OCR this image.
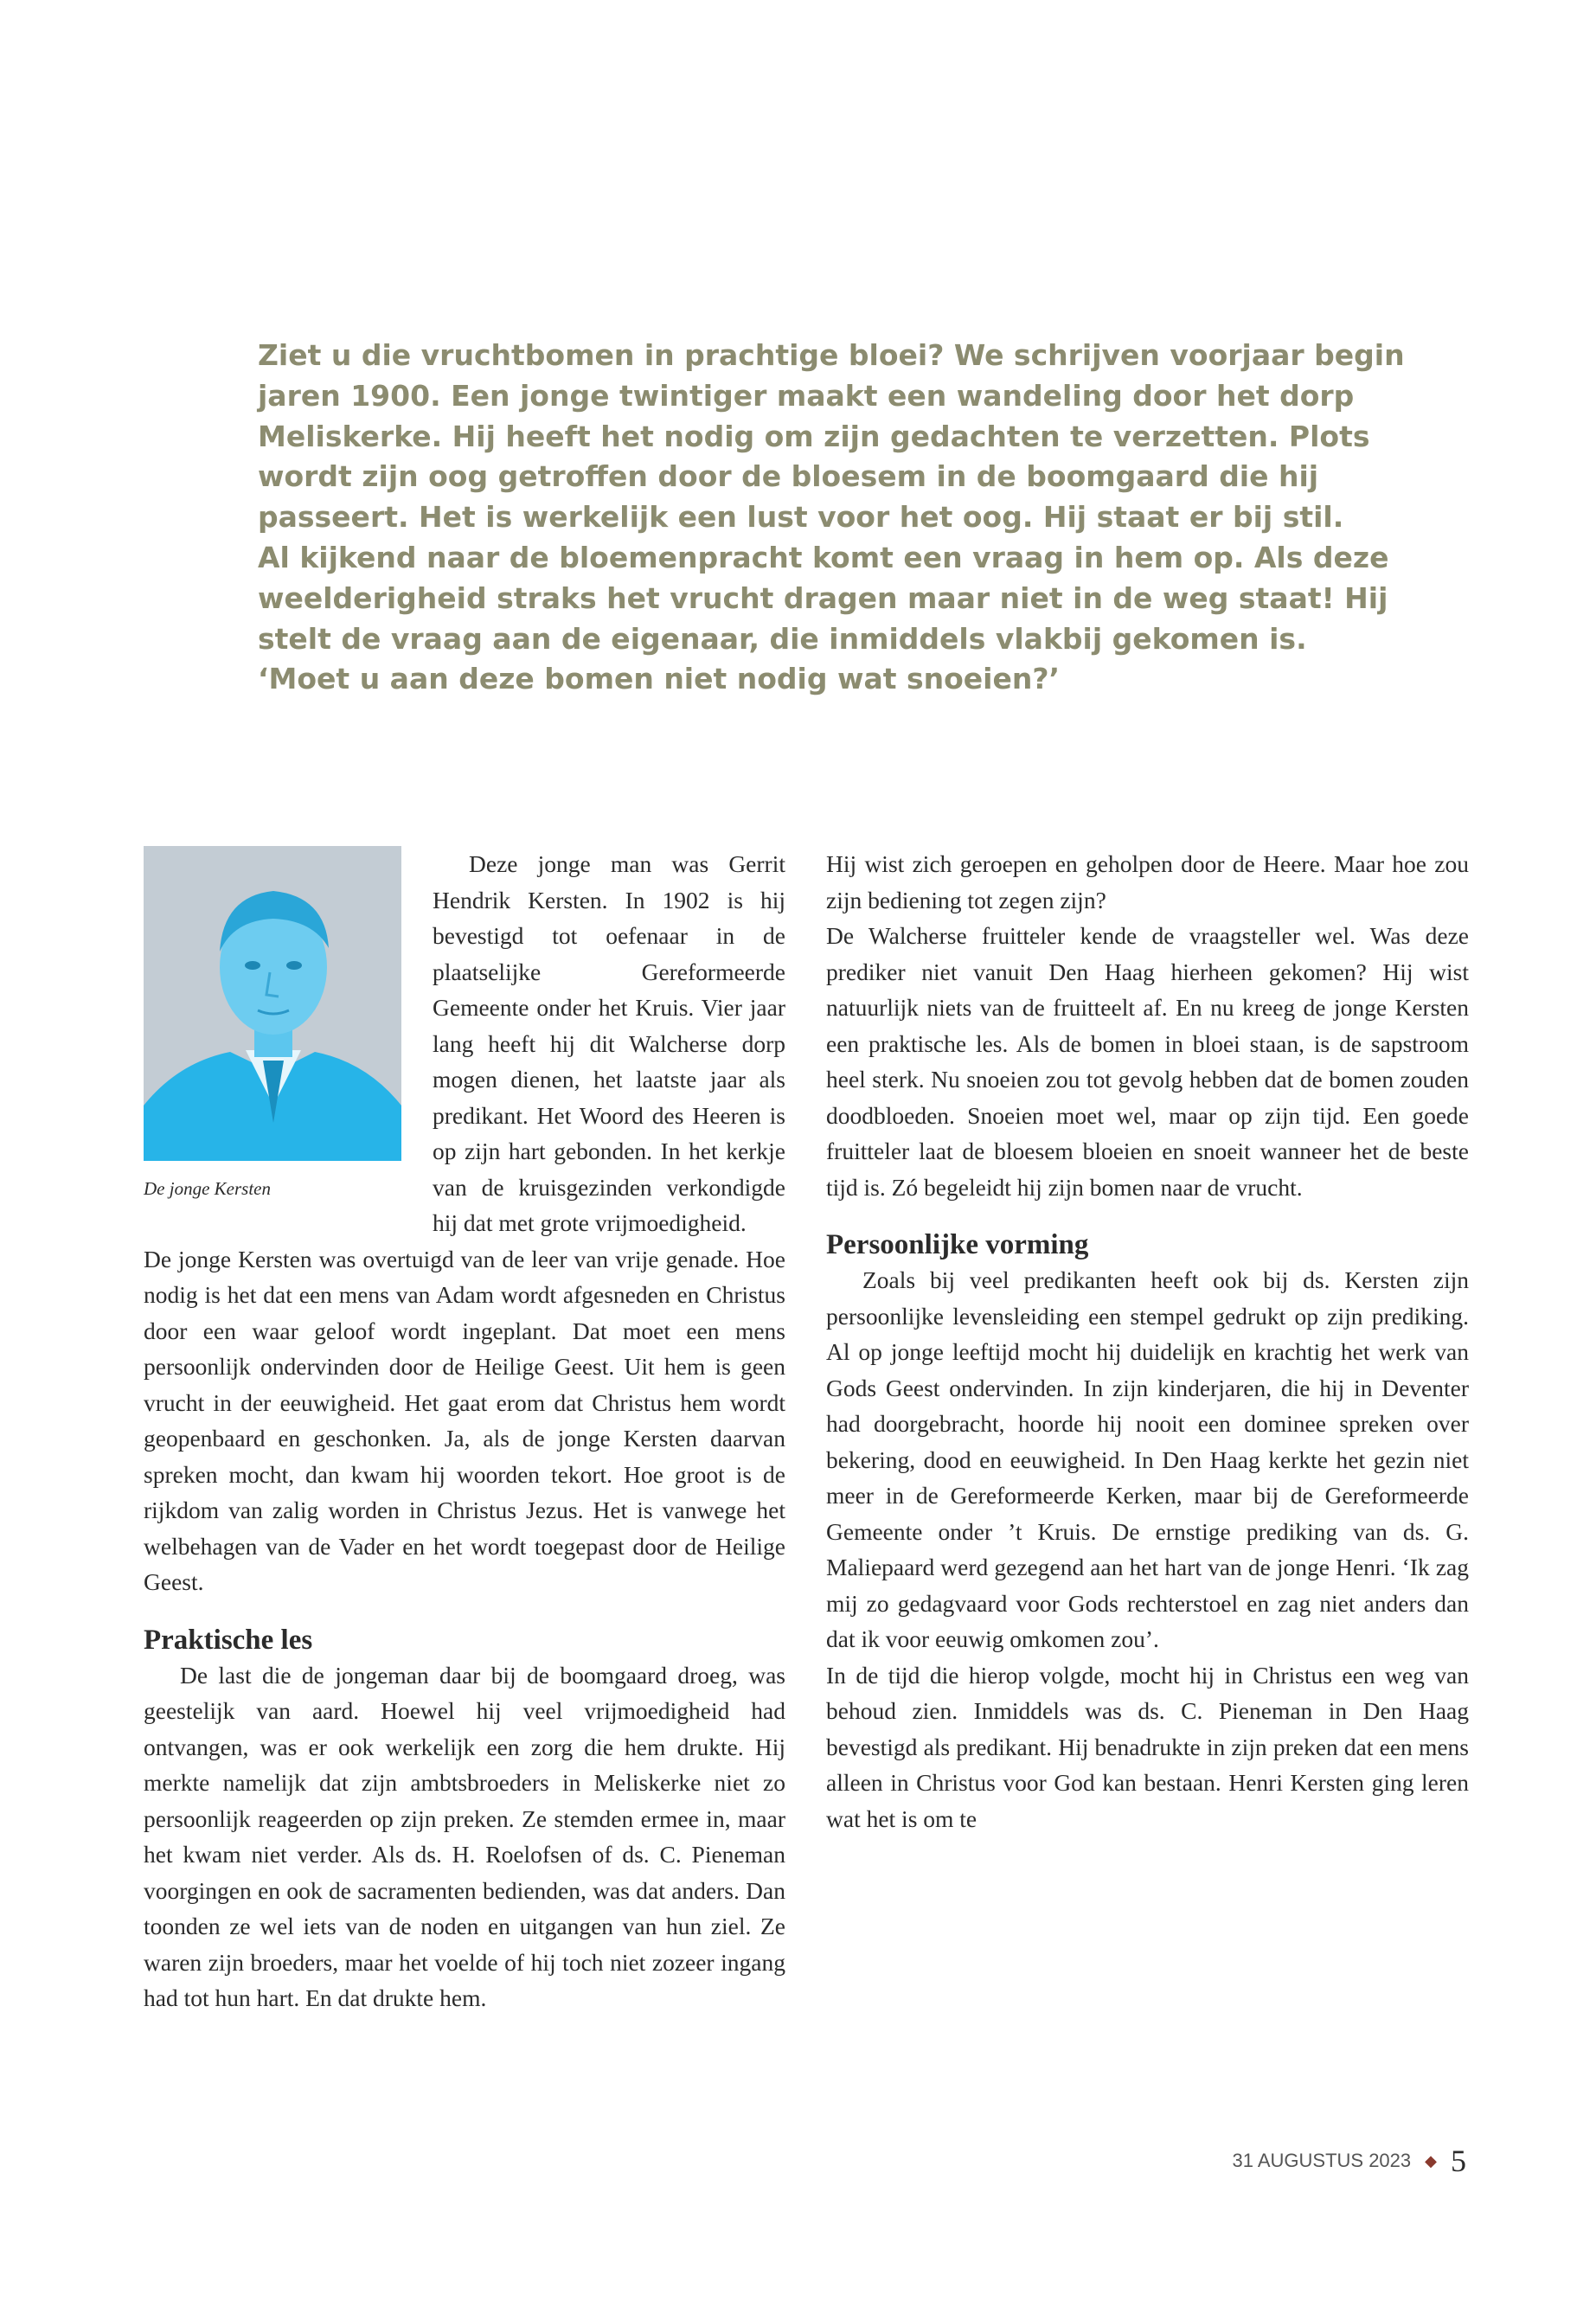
Ziet u die vruchtbomen in prachtige bloei? We schrijven voorjaar begin
jaren 1900. Een jonge twintiger maakt een wandeling door het dorp
Meliskerke. Hij heeft het nodig om zijn gedachten te verzetten. Plots
wordt zijn oog getroffen door de bloesem in de boomgaard die hij
passeert. Het is werkelijk een lust voor het oog. Hij staat er bij stil.
Al kijkend naar de bloemenpracht komt een vraag in hem op. Als deze
weelderigheid straks het vrucht dragen maar niet in de weg staat! Hij
stelt de vraag aan de eigenaar, die inmiddels vlakbij gekomen is.
‘Moet u aan deze bomen niet nodig wat snoeien?’
De jonge Kersten

Deze jonge man was Gerrit Hendrik Kersten. In 1902 is hij bevestigd tot oefenaar in de plaatselijke Gereformeerde Gemeente onder het Kruis. Vier jaar lang heeft hij dit Walcherse dorp mogen dienen, het laatste jaar als predikant. Het Woord des Heeren is op zijn hart gebonden. In het kerkje van de kruisgezinden verkondigde hij dat met grote vrijmoedigheid.

De jonge Kersten was overtuigd van de leer van vrije genade. Hoe nodig is het dat een mens van Adam wordt afgesneden en Christus door een waar geloof wordt ingeplant. Dat moet een mens persoonlijk ondervinden door de Heilige Geest. Uit hem is geen vrucht in der eeuwigheid. Het gaat erom dat Christus hem wordt geopenbaard en geschonken. Ja, als de jonge Kersten daarvan spreken mocht, dan kwam hij woorden tekort. Hoe groot is de rijkdom van zalig worden in Christus Jezus. Het is vanwege het welbehagen van de Vader en het wordt toegepast door de Heilige Geest.

Praktische les

De last die de jongeman daar bij de boomgaard droeg, was geestelijk van aard. Hoewel hij veel vrijmoedigheid had ontvangen, was er ook werkelijk een zorg die hem drukte. Hij merkte namelijk dat zijn ambtsbroeders in Meliskerke niet zo persoonlijk reageerden op zijn preken. Ze stemden ermee in, maar het kwam niet verder. Als ds. H. Roelofsen of ds. C. Pieneman voorgingen en ook de sacramenten bedienden, was dat anders. Dan toonden ze wel iets van de noden en uitgangen van hun ziel. Ze waren zijn broeders, maar het voelde of hij toch niet zozeer ingang had tot hun hart. En dat drukte hem.

Hij wist zich geroepen en geholpen door de Heere. Maar hoe zou zijn bediening tot zegen zijn?

De Walcherse fruitteler kende de vraagsteller wel. Was deze prediker niet vanuit Den Haag hierheen gekomen? Hij wist natuurlijk niets van de fruitteelt af. En nu kreeg de jonge Kersten een praktische les. Als de bomen in bloei staan, is de sapstroom heel sterk. Nu snoeien zou tot gevolg hebben dat de bomen zouden doodbloeden. Snoeien moet wel, maar op zijn tijd. Een goede fruitteler laat de bloesem bloeien en snoeit wanneer het de beste tijd is. Zó begeleidt hij zijn bomen naar de vrucht.

Persoonlijke vorming

Zoals bij veel predikanten heeft ook bij ds. Kersten zijn persoonlijke levensleiding een stempel gedrukt op zijn prediking. Al op jonge leeftijd mocht hij duidelijk en krachtig het werk van Gods Geest ondervinden. In zijn kinderjaren, die hij in Deventer had doorgebracht, hoorde hij nooit een dominee spreken over bekering, dood en eeuwigheid. In Den Haag kerkte het gezin niet meer in de Gereformeerde Kerken, maar bij de Gereformeerde Gemeente onder ’t Kruis. De ernstige prediking van ds. G. Maliepaard werd gezegend aan het hart van de jonge Henri. ‘Ik zag mij zo gedagvaard voor Gods rechterstoel en zag niet anders dan dat ik voor eeuwig omkomen zou’.

In de tijd die hierop volgde, mocht hij in Christus een weg van behoud zien. Inmiddels was ds. C. Pieneman in Den Haag bevestigd als predikant. Hij benadrukte in zijn preken dat een mens alleen in Christus voor God kan bestaan. Henri Kersten ging leren wat het is om te

31 AUGUSTUS 2023 ◆ 5
